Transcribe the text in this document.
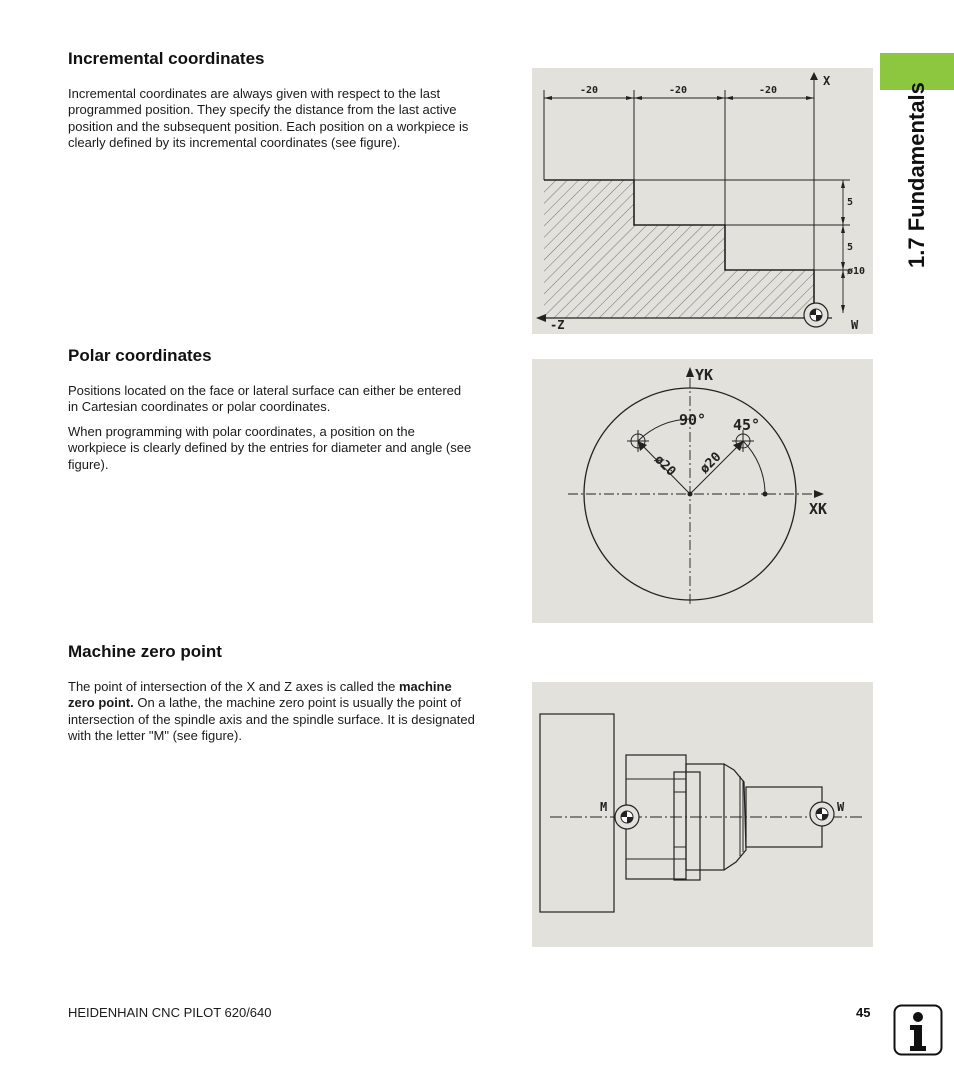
1.7 Fundamentals
Incremental coordinates

Incremental coordinates are always given with respect to the last
programmed position. They specify the distance from the last active
position and the subsequent position. Each position on a workpiece is
clearly defined by its incremental coordinates (see figure).

-20	-20	-20
X
5
5
ø10
-Z	W
Polar coordinates

Positions located on the face or lateral surface can either be entered
in Cartesian coordinates or polar coordinates.

When programming with polar coordinates, a position on the
workpiece is clearly defined by the entries for diameter and angle (see
figure).

YK
XK
90° 45°
ø20 ø20
Machine zero point

The point of intersection of the X and Z axes is called the machine
zero point. On a lathe, the machine zero point is usually the point of
intersection of the spindle axis and the spindle surface. It is designated
with the letter "M" (see figure).

M	W
HEIDENHAIN CNC PILOT 620/640	45
